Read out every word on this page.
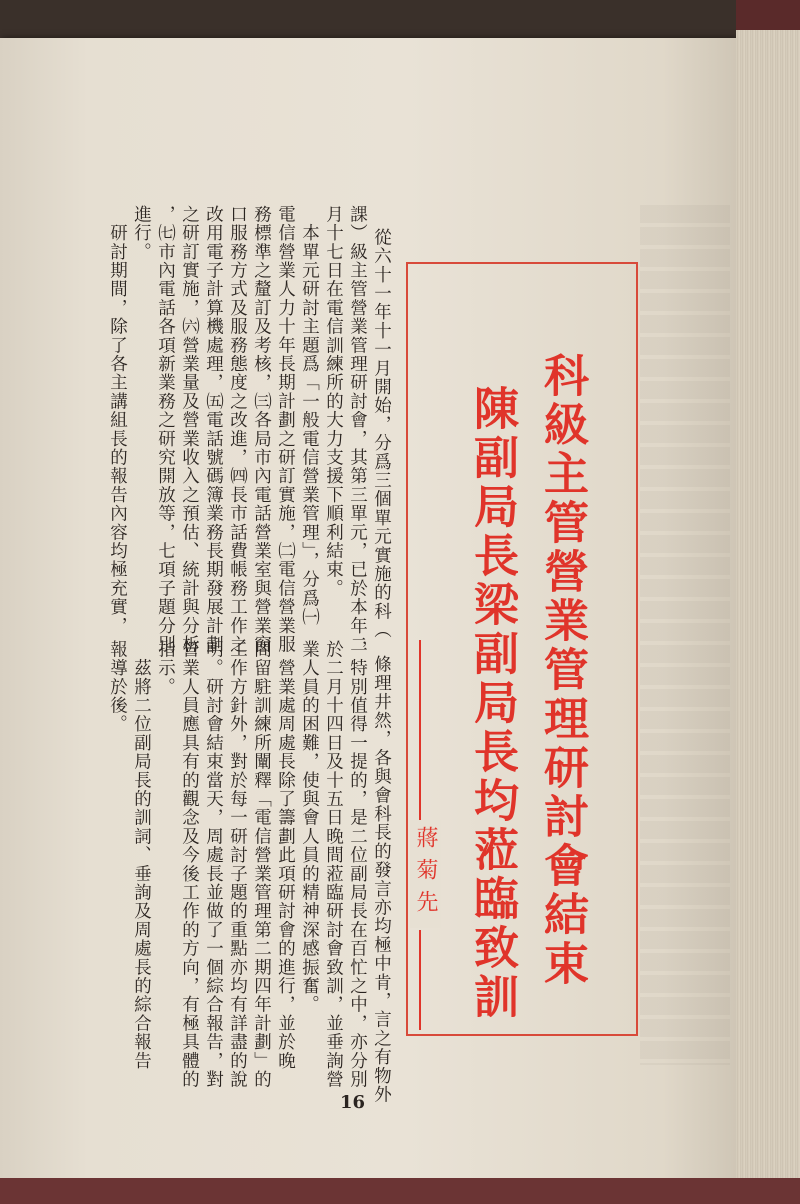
從六十一年十一月開始，分爲三個單元實施的科（
課）級主管營業管理研討會，其第三單元，已於本年二
月十七日在電信訓練所的大力支援下順利結束。
　本單元研討主題爲「一般電信營業管理」，分爲㈠
電信營業人力十年長期計劃之研訂實施，㈡電信營業服
務標準之釐訂及考核，㈢各局市內電話營業室與營業窗
口服務方式及服務態度之改進，㈣長市話費帳務工作之
改用電子計算機處理，㈤電話號碼簿業務長期發展計劃
之研訂實施，㈥營業量及營業收入之預估、統計與分析
，㈦市內電話各項新業務之研究開放等，七項子題分別
進行。
　研討期間，除了各主講組長的報告內容均極充實，
條理井然，各與會科長的發言亦均極中肯，言之有物外
，特別值得一提的，是二位副局長在百忙之中，亦分別
於二月十四日及十五日晚間蒞臨研討會致訓，並垂詢營
業人員的困難，使與會人員的精神深感振奮。
　營業處周處長除了籌劃此項研討會的進行，並於晚
間留駐訓練所闡釋「電信營業管理第二期四年計劃」的
工作方針外，對於每一研討子題的重點亦均有詳盡的說
明。研討會結束當天，周處長並做了一個綜合報告，對
營業人員應具有的觀念及今後工作的方向，有極具體的
指示。
　茲將二位副局長的訓詞、垂詢及周處長的綜合報告
報導於後。	科級主管營業管理研討會結束
陳副局長梁副局長均蒞臨致訓
蔣菊先
16
